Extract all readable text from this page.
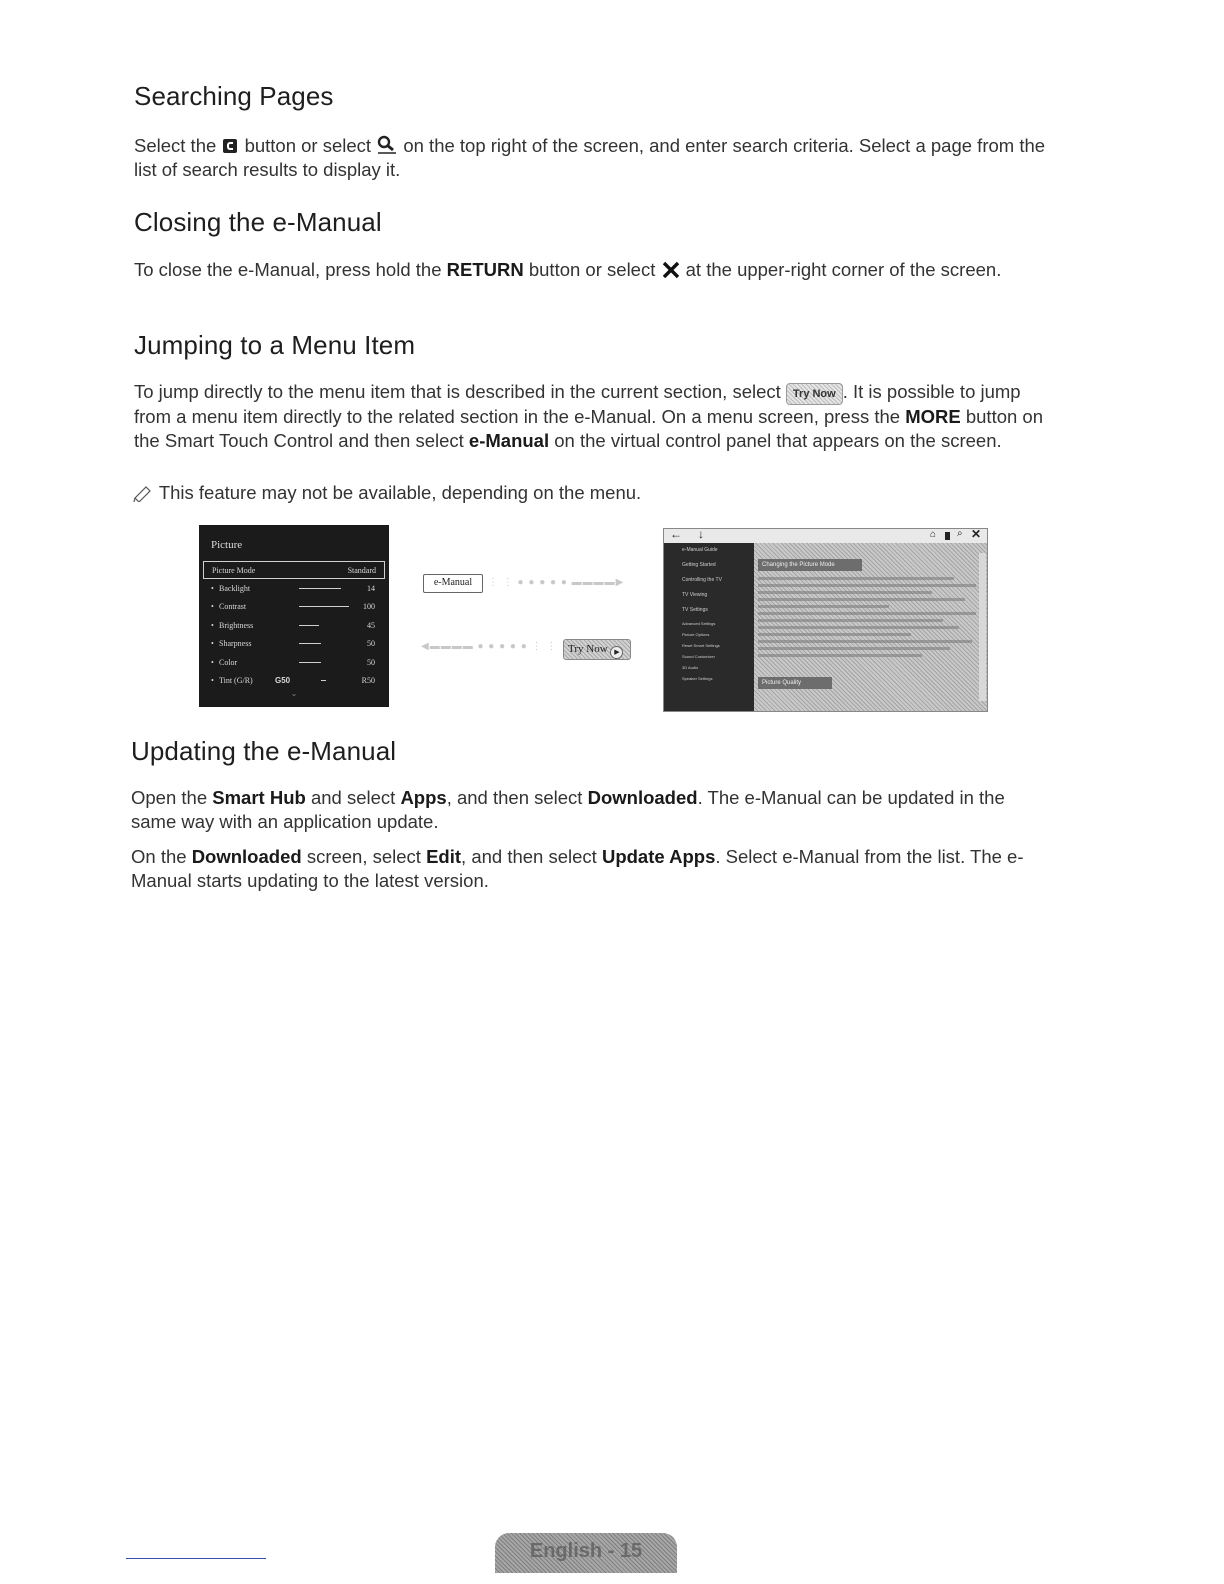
Searching Pages

Select the button or select on the top right of the screen, and enter search criteria. Select a page from the list of search results to display it.

Closing the e-Manual

To close the e-Manual, press hold the RETURN button or select at the upper-right corner of the screen.

Jumping to a Menu Item

To jump directly to the menu item that is described in the current section, select Try Now . It is possible to jump from a menu item directly to the related section in the e-Manual. On a menu screen, press the MORE button on the Smart Touch Control and then select e-Manual on the virtual control panel that appears on the screen.

This feature may not be available, depending on the menu.
Picture
Picture Mode	Standard
• Backlight	14
• Contrast	100
• Brightness	45
• Sharpness	50
• Color	50
• Tint (G/R)	G50	R50
⌄
e-Manual	⋮ ⋮ ● ● ● ● ● ▬▬▬▬▶
◀▬▬▬▬ ● ● ● ● ● ⋮ ⋮ Try Now ▶
← ↓	⌂ ⌕ ✕
e-Manual Guide
Getting Started
Controlling the TV
TV Viewing
TV Settings
Advanced Settings
Picture Options
Reset Smart Settings
Sound Customizer
3D Audio
Speaker Settings
Changing the Picture Mode
Picture Quality
Updating the e-Manual

Open the Smart Hub and select Apps, and then select Downloaded. The e-Manual can be updated in the same way with an application update.

On the Downloaded screen, select Edit, and then select Update Apps. Select e-Manual from the list. The e-Manual starts updating to the latest version.

English - 15
